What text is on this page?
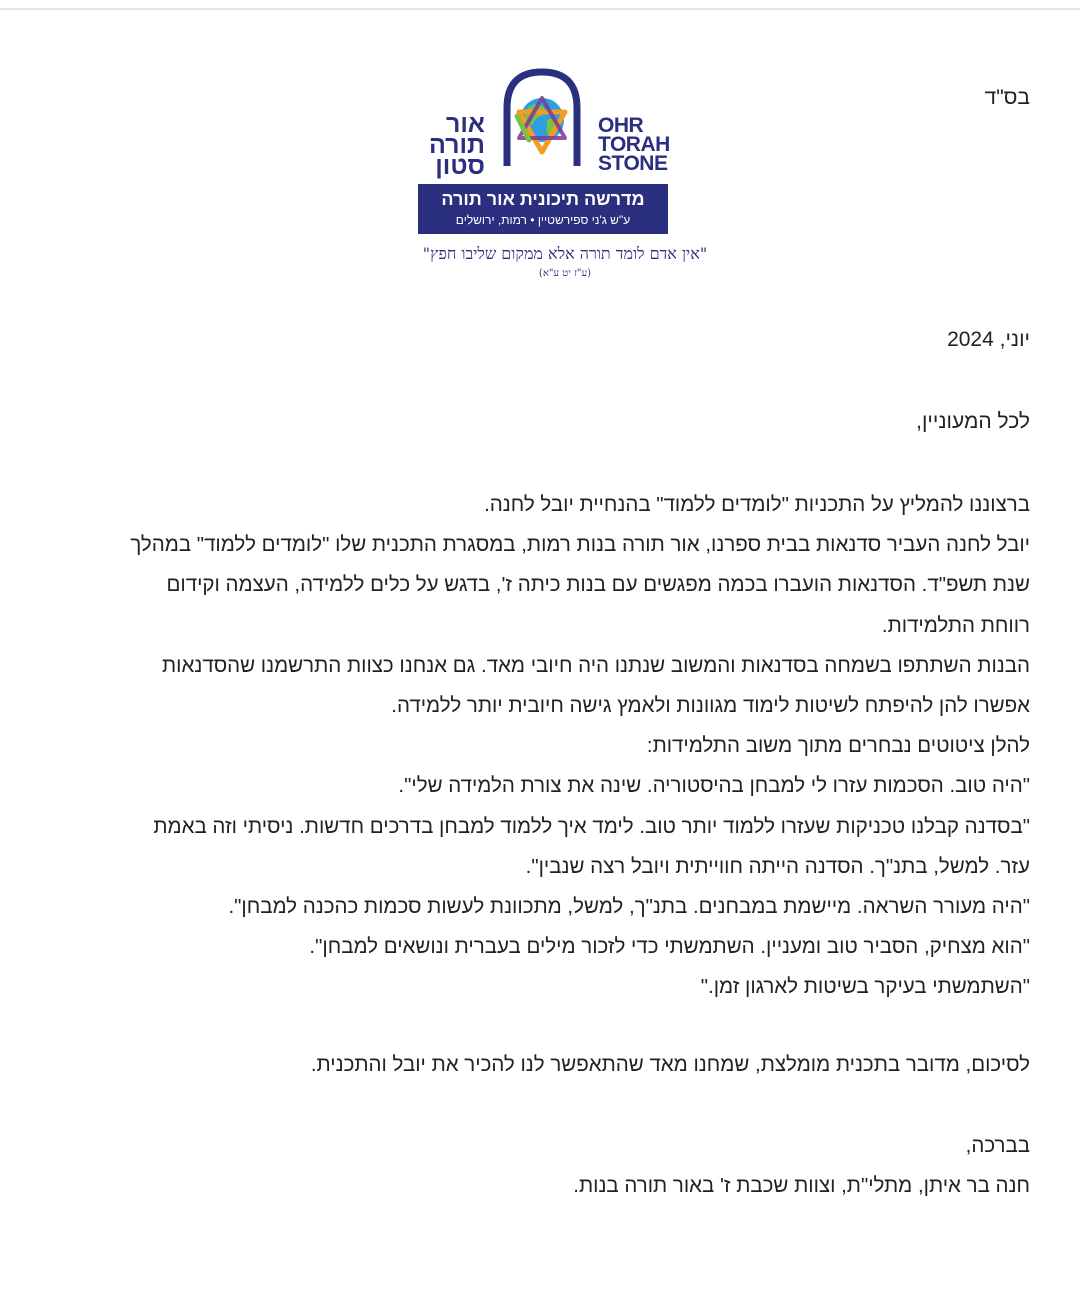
בס"ד
אור
תורה
סטון
OHR
TORAH
STONE
מדרשה תיכונית אור תורה
ע"ש ג'ני ספירשטיין • רמות, ירושלים
"אין אדם לומד תורה אלא ממקום שליבו חפץ"
(ע"ז יט ע"א)
יוני, 2024
לכל המעוניין,
ברצוננו להמליץ על התכניות "לומדים ללמוד" בהנחיית יובל לחנה.
יובל לחנה העביר סדנאות בבית ספרנו, אור תורה בנות רמות, במסגרת התכנית שלו "לומדים ללמוד" במהלך
שנת תשפ"ד. הסדנאות הועברו בכמה מפגשים עם בנות כיתה ז', בדגש על כלים ללמידה, העצמה וקידום
רווחת התלמידות.
הבנות השתתפו בשמחה בסדנאות והמשוב שנתנו היה חיובי מאד. גם אנחנו כצוות התרשמנו שהסדנאות
אפשרו להן להיפתח לשיטות לימוד מגוונות ולאמץ גישה חיובית יותר ללמידה.
להלן ציטוטים נבחרים מתוך משוב התלמידות:
"היה טוב. הסכמות עזרו לי למבחן בהיסטוריה. שינה את צורת הלמידה שלי".
"בסדנה קבלנו טכניקות שעזרו ללמוד יותר טוב. לימד איך ללמוד למבחן בדרכים חדשות. ניסיתי וזה באמת
עזר. למשל, בתנ"ך. הסדנה הייתה חווייתית ויובל רצה שנבין".
"היה מעורר השראה. מיישמת במבחנים. בתנ"ך, למשל, מתכוונת לעשות סכמות כהכנה למבחן".
"הוא מצחיק, הסביר טוב ומעניין. השתמשתי כדי לזכור מילים בעברית ונושאים למבחן".
"השתמשתי בעיקר בשיטות לארגון זמן."
לסיכום, מדובר בתכנית מומלצת, שמחנו מאד שהתאפשר לנו להכיר את יובל והתכנית.
בברכה,
חנה בר איתן, מתלי"ת, וצוות שכבת ז' באור תורה בנות.
